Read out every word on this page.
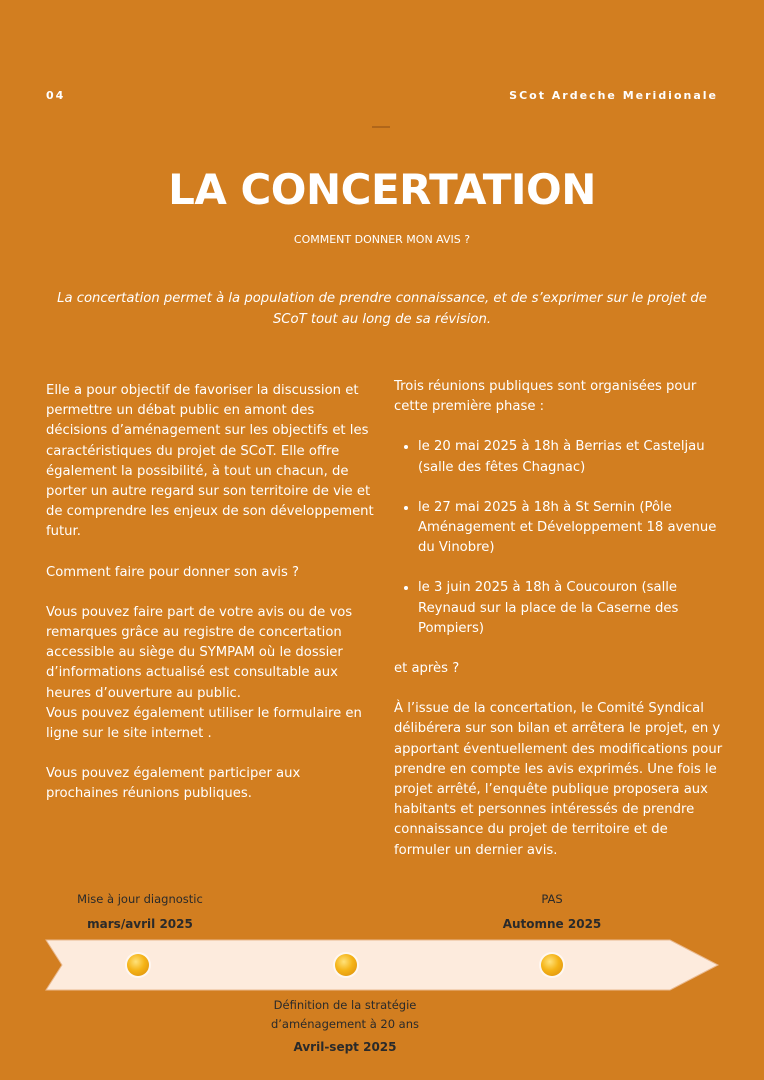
04	SCot Ardeche Meridionale
LA CONCERTATION
COMMENT DONNER MON AVIS ?
La concertation permet à la population de prendre connaissance, et de s’exprimer sur le projet de SCoT tout au long de sa révision.

Elle a pour objectif de favoriser la discussion et permettre un débat public en amont des décisions d’aménagement sur les objectifs et les caractéristiques du projet de SCoT. Elle offre également la possibilité, à tout un chacun, de porter un autre regard sur son territoire de vie et de comprendre les enjeux de son développement futur.

Comment faire pour donner son avis ?

Vous pouvez faire part de votre avis ou de vos remarques grâce au registre de concertation accessible au siège du SYMPAM où le dossier d’informations actualisé est consultable aux heures d’ouverture au public.

Vous pouvez également utiliser le formulaire en ligne sur le site internet .

Vous pouvez également participer aux prochaines réunions publiques.

Trois réunions publiques sont organisées pour cette première phase :

• le 20 mai 2025 à 18h à Berrias et Casteljau (salle des fêtes Chagnac)
• le 27 mai 2025 à 18h à St Sernin (Pôle Aménagement et Développement 18 avenue du Vinobre)
• le 3 juin 2025 à 18h à Coucouron (salle Reynaud sur la place de la Caserne des Pompiers)

et après ?

À l’issue de la concertation, le Comité Syndical délibérera sur son bilan et arrêtera le projet, en y apportant éventuellement des modifications pour prendre en compte les avis exprimés. Une fois le projet arrêté, l’enquête publique proposera aux habitants et personnes intéressés de prendre connaissance du projet de territoire et de formuler un dernier avis.

Mise à jour diagnostic
mars/avril 2025
PAS
Automne 2025
Définition de la stratégie d’aménagement à 20 ans
Avril-sept 2025
